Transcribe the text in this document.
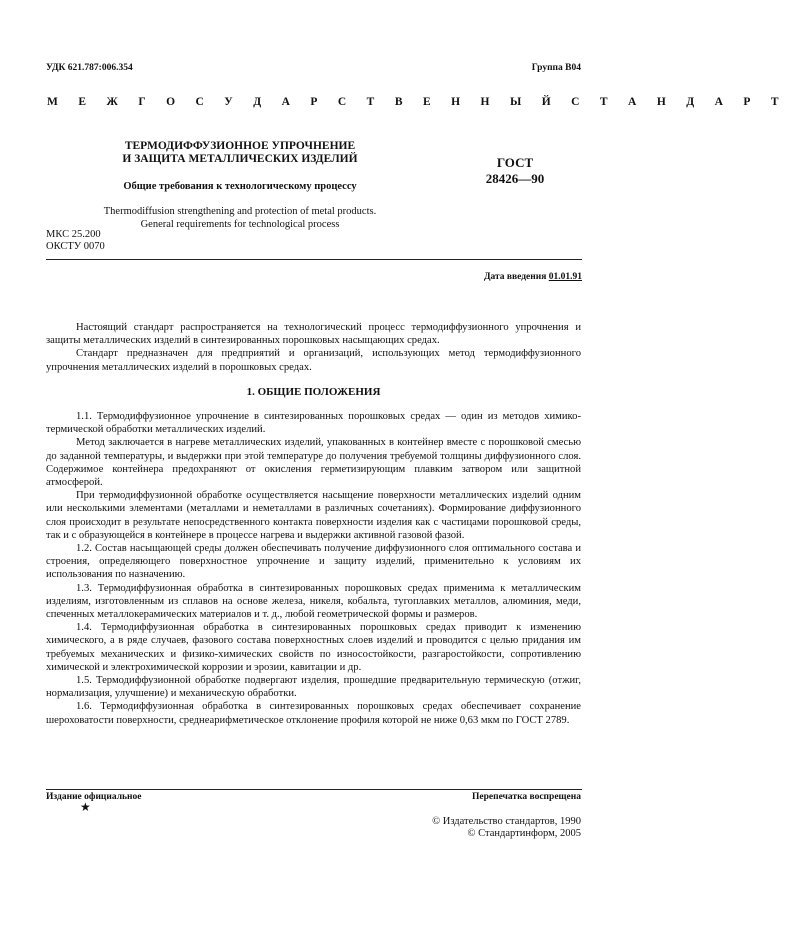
УДК 621.787:006.354	Группа В04
М Е Ж Г О С У Д А Р С Т В Е Н Н Ы Й С Т А Н Д А Р Т
ТЕРМОДИФФУЗИОННОЕ УПРОЧНЕНИЕ
И ЗАЩИТА МЕТАЛЛИЧЕСКИХ ИЗДЕЛИЙ
Общие требования к технологическому процессу
Thermodiffusion strengthening and protection of metal products.
General requirements for technological process
ГОСТ
28426—90
МКС 25.200
ОКСТУ 0070
Дата введения 01.01.91

Настоящий стандарт распространяется на технологический процесс термодиффузионного упрочнения и защиты металлических изделий в синтезированных порошковых насыщающих средах.

Стандарт предназначен для предприятий и организаций, использующих метод термодиффузионного упрочнения металлических изделий в порошковых средах.

1. ОБЩИЕ ПОЛОЖЕНИЯ

1.1. Термодиффузионное упрочнение в синтезированных порошковых средах — один из методов химико-термической обработки металлических изделий.

Метод заключается в нагреве металлических изделий, упакованных в контейнер вместе с порошковой смесью до заданной температуры, и выдержки при этой температуре до получения требуемой толщины диффузионного слоя. Содержимое контейнера предохраняют от окисления герметизирующим плавким затвором или защитной атмосферой.

При термодиффузионной обработке осуществляется насыщение поверхности металлических изделий одним или несколькими элементами (металлами и неметаллами в различных сочетаниях). Формирование диффузионного слоя происходит в результате непосредственного контакта поверхности изделия как с частицами порошковой среды, так и с образующейся в контейнере в процессе нагрева и выдержки активной газовой фазой.

1.2. Состав насыщающей среды должен обеспечивать получение диффузионного слоя оптимального состава и строения, определяющего поверхностное упрочнение и защиту изделий, применительно к условиям их использования по назначению.

1.3. Термодиффузионная обработка в синтезированных порошковых средах применима к металлическим изделиям, изготовленным из сплавов на основе железа, никеля, кобальта, тугоплавких металлов, алюминия, меди, спеченных металлокерамических материалов и т. д., любой геометрической формы и размеров.

1.4. Термодиффузионная обработка в синтезированных порошковых средах приводит к изменению химического, а в ряде случаев, фазового состава поверхностных слоев изделий и проводится с целью придания им требуемых механических и физико-химических свойств по износостойкости, разгаростойкости, сопротивлению химической и электрохимической коррозии и эрозии, кавитации и др.

1.5. Термодиффузионной обработке подвергают изделия, прошедшие предварительную термическую (отжиг, нормализация, улучшение) и механическую обработки.

1.6. Термодиффузионная обработка в синтезированных порошковых средах обеспечивает сохранение шероховатости поверхности, среднеарифметическое отклонение профиля которой не ниже 0,63 мкм по ГОСТ 2789.

Издание официальное
★
Перепечатка воспрещена
© Издательство стандартов, 1990
© Стандартинформ, 2005
